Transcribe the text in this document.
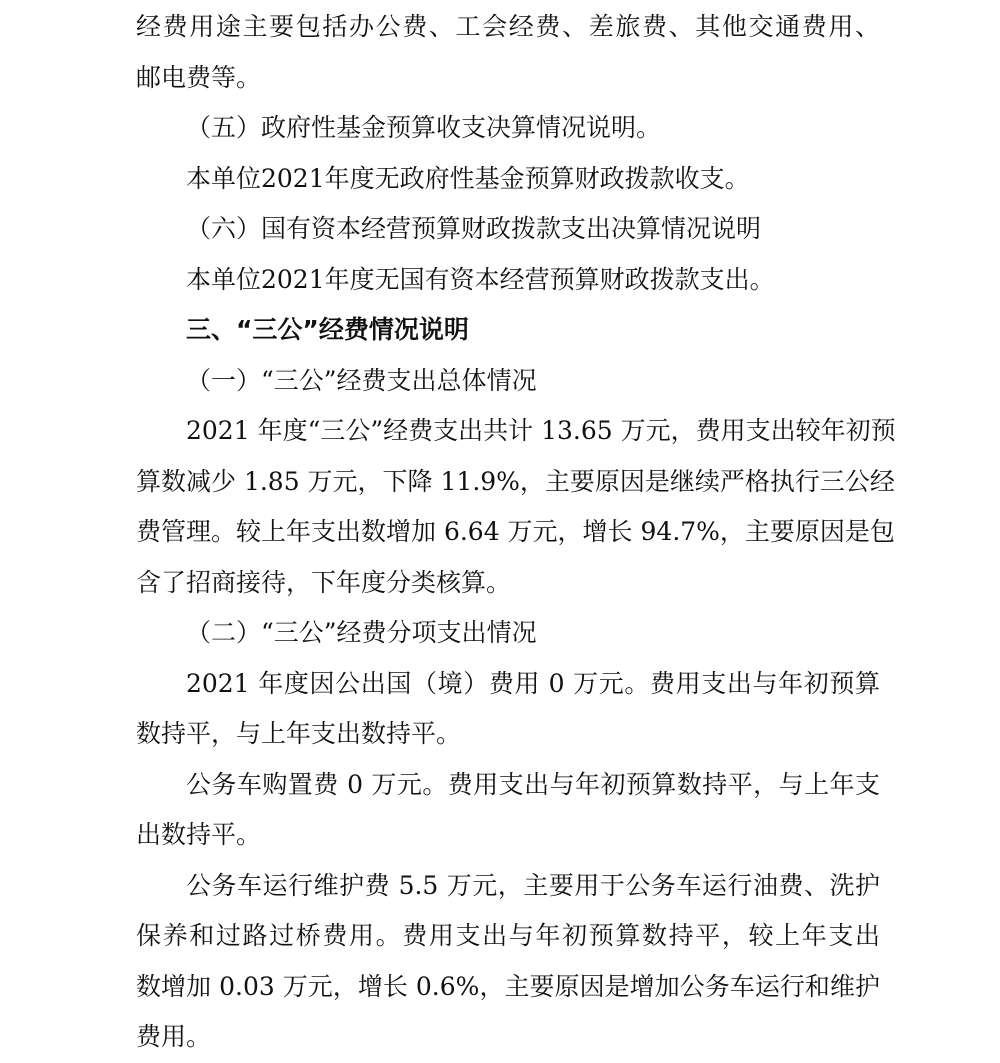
经费用途主要包括办公费、工会经费、差旅费、其他交通费用、
邮电费等。
（五）政府性基金预算收支决算情况说明。
本单位2021年度无政府性基金预算财政拨款收支。
（六）国有资本经营预算财政拨款支出决算情况说明
本单位2021年度无国有资本经营预算财政拨款支出。
三、“三公”经费情况说明
（一）“三公”经费支出总体情况
2021 年度“三公”经费支出共计 13.65 万元，费用支出较年初预
算数减少 1.85 万元，下降 11.9%，主要原因是继续严格执行三公经
费管理。较上年支出数增加 6.64 万元，增长 94.7%，主要原因是包
含了招商接待，下年度分类核算。
（二）“三公”经费分项支出情况
2021 年度因公出国（境）费用 0 万元。费用支出与年初预算
数持平，与上年支出数持平。
公务车购置费 0 万元。费用支出与年初预算数持平，与上年支
出数持平。
公务车运行维护费 5.5 万元，主要用于公务车运行油费、洗护
保养和过路过桥费用。费用支出与年初预算数持平，较上年支出
数增加 0.03 万元，增长 0.6%，主要原因是增加公务车运行和维护
费用。
